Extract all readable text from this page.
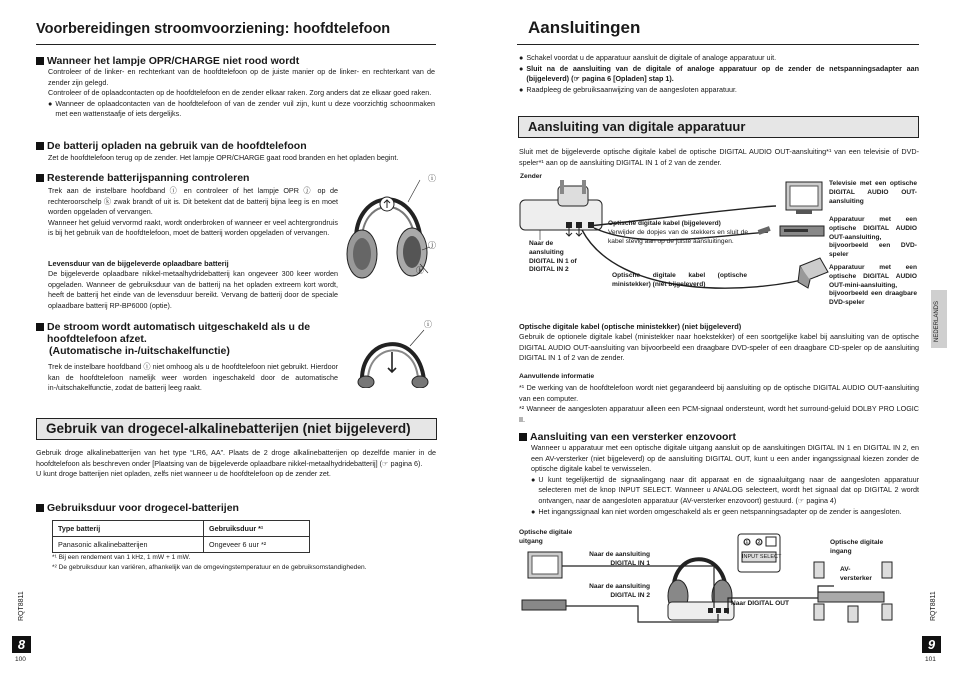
Voorbereidingen stroomvoorziening: hoofdtelefoon
Wanneer het lampje OPR/CHARGE niet rood wordt
Controleer of de linker- en rechterkant van de hoofdtelefoon op de juiste manier op de linker- en rechterkant van de zender zijn gelegd.
Controleer of de oplaadcontacten op de hoofdtelefoon en de zender elkaar raken. Zorg anders dat ze elkaar goed raken.
● Wanneer de oplaadcontacten van de hoofdtelefoon of van de zender vuil zijn, kunt u deze voorzichtig schoonmaken met een wattenstaafje of iets dergelijks.
De batterij opladen na gebruik van de hoofdtelefoon
Zet de hoofdtelefoon terug op de zender. Het lampje OPR/CHARGE gaat rood branden en het opladen begint.
Resterende batterijspanning controleren
Trek aan de instelbare hoofdband ⓘ en controleer of het lampje OPR ⓙ op de rechteroorschelp ⓚ zwak brandt of uit is. Dit betekent dat de batterij bijna leeg is en moet worden opgeladen of vervangen.
Wanneer het geluid vervormd raakt, wordt onderbroken of wanneer er veel achtergrondruis is bij het gebruik van de hoofdtelefoon, moet de batterij worden opgeladen of vervangen.
Levensduur van de bijgeleverde oplaadbare batterij
De bijgeleverde oplaadbare nikkel-metaalhydridebatterij kan ongeveer 300 keer worden opgeladen. Wanneer de gebruiksduur van de batterij na het opladen extreem kort wordt, heeft de batterij het einde van de levensduur bereikt. Vervang de batterij door de speciale oplaadbare batterij RP-BP6000 (optie).
ⓘ
ⓙ
ⓚ
De stroom wordt automatisch uitgeschakeld als u de
hoofdtelefoon afzet.
(Automatische in-/uitschakelfunctie)
Trek de instelbare hoofdband ⓘ niet omhoog als u de hoofdtelefoon niet gebruikt. Hierdoor kan de hoofdtelefoon namelijk weer worden ingeschakeld door de automatische in-/uitschakelfunctie, zodat de batterij leeg raakt.
ⓘ
Gebruik van drogecel-alkalinebatterijen (niet bijgeleverd)
Gebruik droge alkalinebatterijen van het type “LR6, AA”. Plaats de 2 droge alkalinebatterijen op dezelfde manier in de hoofdtelefoon als beschreven onder [Plaatsing van de bijgeleverde oplaadbare nikkel-metaalhydridebatterij] (☞ pagina 6).
U kunt droge batterijen niet opladen, zelfs niet wanneer u de hoofdtelefoon op de zender zet.
Gebruiksduur voor drogecel-batterijen
Type batterij	Gebruiksduur *¹
Panasonic alkalinebatterijen	Ongeveer 6 uur *²
*¹ Bij een rendement van 1 kHz, 1 mW + 1 mW.
*² De gebruiksduur kan variëren, afhankelijk van de omgevingstemperatuur en de gebruiksomstandigheden.
RQT8811
8
100
Aansluitingen
● Schakel voordat u de apparatuur aansluit de digitale of analoge apparatuur uit.
● Sluit na de aansluiting van de digitale of analoge apparatuur op de zender de netspanningsadapter aan (bijgeleverd) (☞ pagina 6 [Opladen] stap 1).
● Raadpleeg de gebruiksaanwijzing van de aangesloten apparatuur.
Aansluiting van digitale apparatuur
Sluit met de bijgeleverde optische digitale kabel de optische DIGITAL AUDIO OUT-aansluiting*¹ van een televisie of DVD-speler*¹ aan op de aansluiting DIGITAL IN 1 of 2 van de zender.
Zender
Optische digitale kabel (bijgeleverd)
Verwijder de dopjes van de stekkers en sluit de kabel stevig aan op de juiste aansluitingen.
Naar de aansluiting DIGITAL IN 1 of DIGITAL IN 2
Optische digitale kabel (optische ministekker) (niet bijgeleverd)
Televisie met een optische DIGITAL AUDIO OUT-aansluiting
Apparatuur met een optische DIGITAL AUDIO OUT-aansluiting, bijvoorbeeld een DVD-speler
Apparatuur met een optische DIGITAL AUDIO OUT-mini-aansluiting, bijvoorbeeld een draagbare DVD-speler
Optische digitale kabel (optische ministekker) (niet bijgeleverd)
Gebruik de optionele digitale kabel (ministekker naar hoekstekker) of een soortgelijke kabel bij aansluiting van de optische DIGITAL AUDIO OUT-aansluiting van bijvoorbeeld een draagbare DVD-speler of een draagbare CD-speler op de aansluiting DIGITAL IN 1 of 2 van de zender.
Aanvullende informatie
*¹ De werking van de hoofdtelefoon wordt niet gegarandeerd bij aansluiting op de optische DIGITAL AUDIO OUT-aansluiting van een computer.
*² Wanneer de aangesloten apparatuur alleen een PCM-signaal ondersteunt, wordt het surround-geluid DOLBY PRO LOGIC II.
Aansluiting van een versterker enzovoort
Wanneer u apparatuur met een optische digitale uitgang aansluit op de aansluitingen DIGITAL IN 1 en DIGITAL IN 2, en een AV-versterker (niet bijgeleverd) op de aansluiting DIGITAL OUT, kunt u een ander ingangssignaal kiezen zonder de optische digitale kabel te verwisselen.
● U kunt tegelijkertijd de signaalingang naar dit apparaat en de signaaluitgang naar de aangesloten apparatuur selecteren met de knop INPUT SELECT. Wanneer u ANALOG selecteert, wordt het signaal dat op DIGITAL 2 wordt ontvangen, naar de aangesloten apparatuur (AV-versterker enzovoort) gestuurd. (☞ pagina 4)
● Het ingangssignaal kan niet worden omgeschakeld als er geen netspanningsadapter op de zender is aangesloten.
Optische digitale uitgang
Naar de aansluiting DIGITAL IN 1
Naar de aansluiting DIGITAL IN 2
Naar DIGITAL OUT
Optische digitale ingang
AV-versterker
① ②
INPUT SELECT
NEDERLANDS
RQT8811
9
101
